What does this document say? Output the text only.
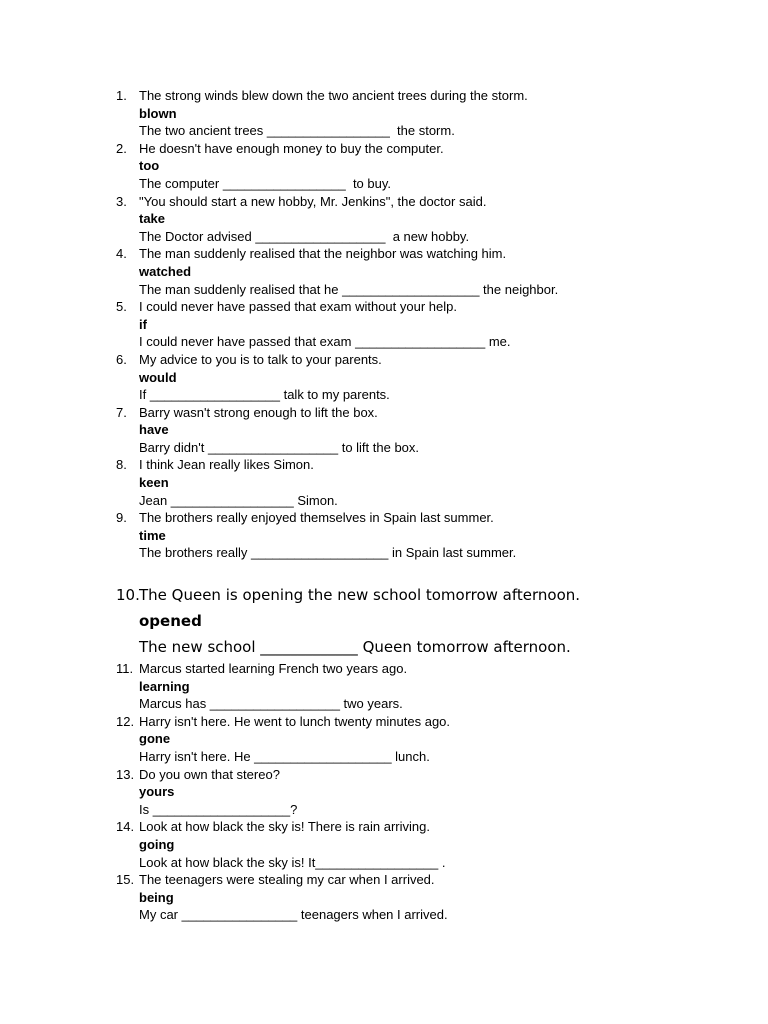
1. The strong winds blew down the two ancient trees during the storm.
blown
The two ancient trees _________________  the storm.
2. He doesn't have enough money to buy the computer.
too
The computer _________________  to buy.
3. "You should start a new hobby, Mr. Jenkins", the doctor said.
take
The Doctor advised __________________  a new hobby.
4. The man suddenly realised that the neighbor was watching him.
watched
The man suddenly realised that he ___________________ the neighbor.
5. I could never have passed that exam without your help.
if
I could never have passed that exam __________________ me.
6. My advice to you is to talk to your parents.
would
If __________________ talk to my parents.
7. Barry wasn't strong enough to lift the box.
have
Barry didn't __________________ to lift the box.
8. I think Jean really likes Simon.
keen
Jean _________________ Simon.
9. The brothers really enjoyed themselves in Spain last summer.
time
The brothers really ___________________ in Spain last summer.
10. The Queen is opening the new school tomorrow afternoon.
opened
The new school _____________ Queen tomorrow afternoon.
11. Marcus started learning French two years ago.
learning
Marcus has __________________ two years.
12. Harry isn't here. He went to lunch twenty minutes ago.
gone
Harry isn't here. He ___________________ lunch.
13. Do you own that stereo?
yours
Is ___________________?
14. Look at how black the sky is! There is rain arriving.
going
Look at how black the sky is! It_________________ .
15. The teenagers were stealing my car when I arrived.
being
My car ________________ teenagers when I arrived.
